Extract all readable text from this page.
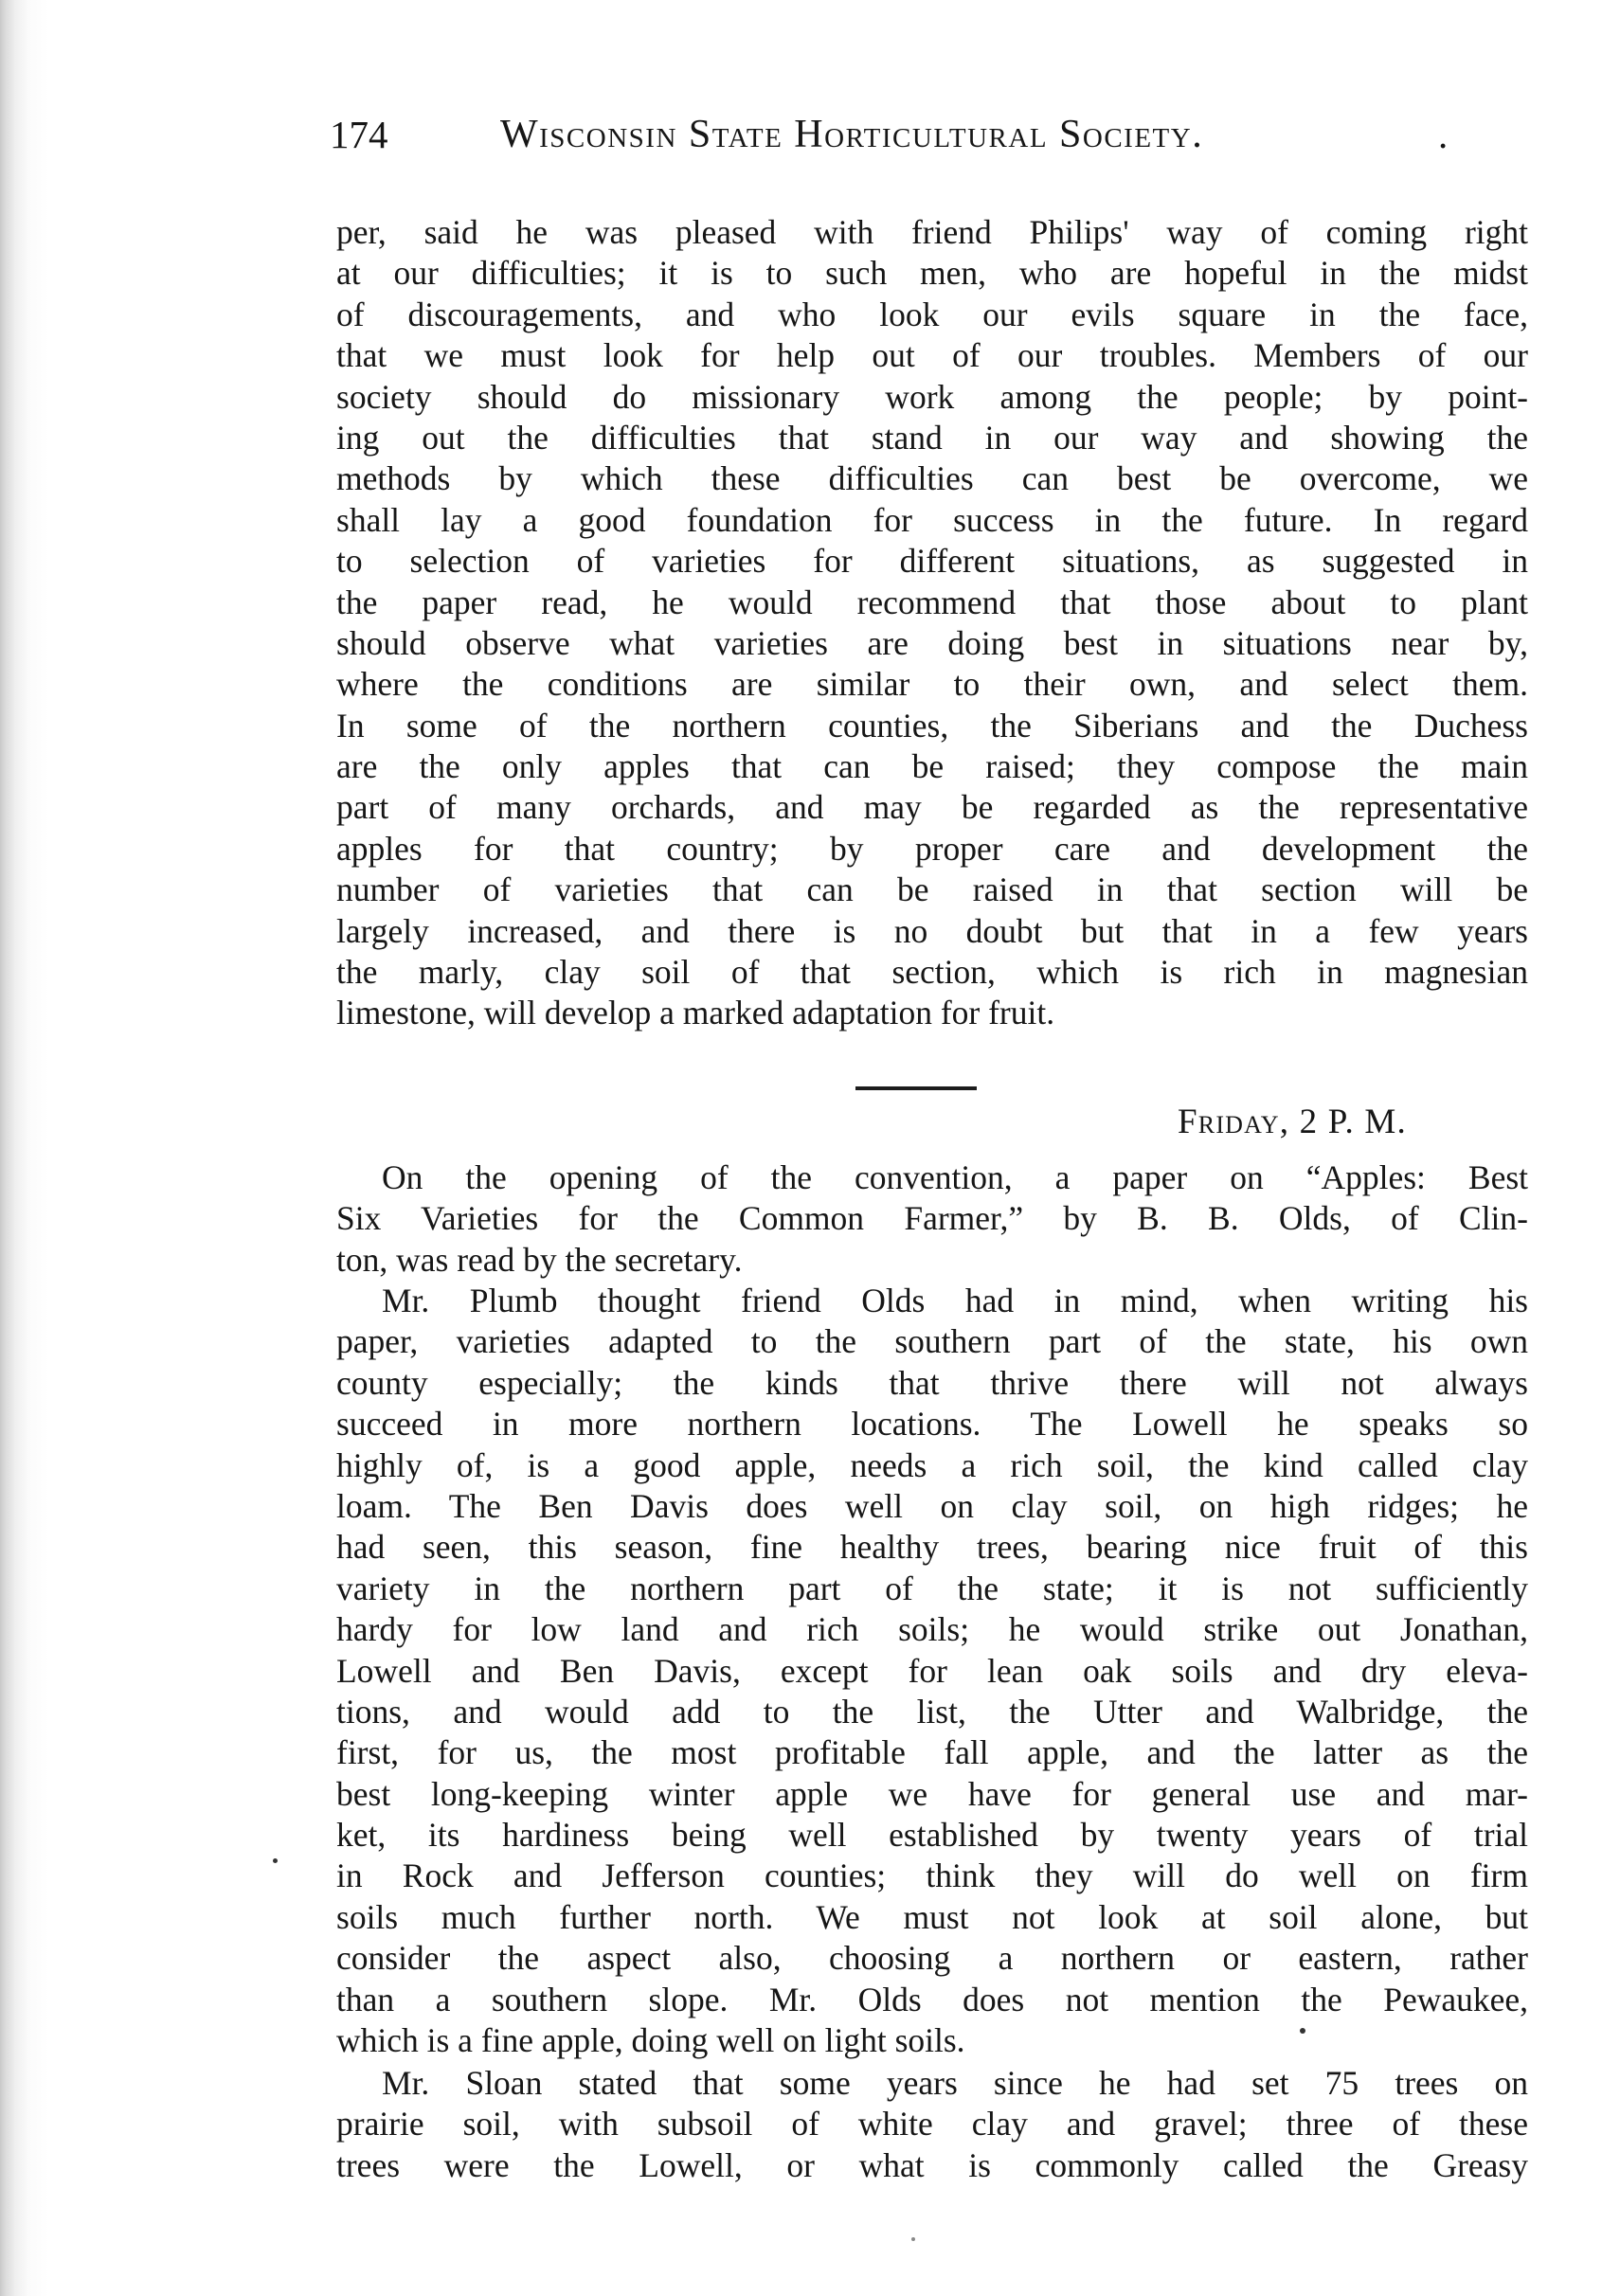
174	Wisconsin State Horticultural Society.	.
per, said he was pleased with friend Philips' way of coming right
at our difficulties; it is to such men, who are hopeful in the midst
of discouragements, and who look our evils square in the face,
that we must look for help out of our troubles. Members of our
society should do missionary work among the people; by point-
ing out the difficulties that stand in our way and showing the
methods by which these difficulties can best be overcome, we
shall lay a good foundation for success in the future. In regard
to selection of varieties for different situations, as suggested in
the paper read, he would recommend that those about to plant
should observe what varieties are doing best in situations near by,
where the conditions are similar to their own, and select them.
In some of the northern counties, the Siberians and the Duchess
are the only apples that can be raised; they compose the main
part of many orchards, and may be regarded as the representative
apples for that country; by proper care and development the
number of varieties that can be raised in that section will be
largely increased, and there is no doubt but that in a few years
the marly, clay soil of that section, which is rich in magnesian
limestone, will develop a marked adaptation for fruit.
Friday, 2 P. M.
On the opening of the convention, a paper on “Apples: Best
Six Varieties for the Common Farmer,” by B. B. Olds, of Clin-
ton, was read by the secretary.
Mr. Plumb thought friend Olds had in mind, when writing his
paper, varieties adapted to the southern part of the state, his own
county especially; the kinds that thrive there will not always
succeed in more northern locations. The Lowell he speaks so
highly of, is a good apple, needs a rich soil, the kind called clay
loam. The Ben Davis does well on clay soil, on high ridges; he
had seen, this season, fine healthy trees, bearing nice fruit of this
variety in the northern part of the state; it is not sufficiently
hardy for low land and rich soils; he would strike out Jonathan,
Lowell and Ben Davis, except for lean oak soils and dry eleva-
tions, and would add to the list, the Utter and Walbridge, the
first, for us, the most profitable fall apple, and the latter as the
best long-keeping winter apple we have for general use and mar-
ket, its hardiness being well established by twenty years of trial
in Rock and Jefferson counties; think they will do well on firm
soils much further north. We must not look at soil alone, but
consider the aspect also, choosing a northern or eastern, rather
than a southern slope. Mr. Olds does not mention the Pewaukee,
which is a fine apple, doing well on light soils.
Mr. Sloan stated that some years since he had set 75 trees on
prairie soil, with subsoil of white clay and gravel; three of these
trees were the Lowell, or what is commonly called the Greasy
